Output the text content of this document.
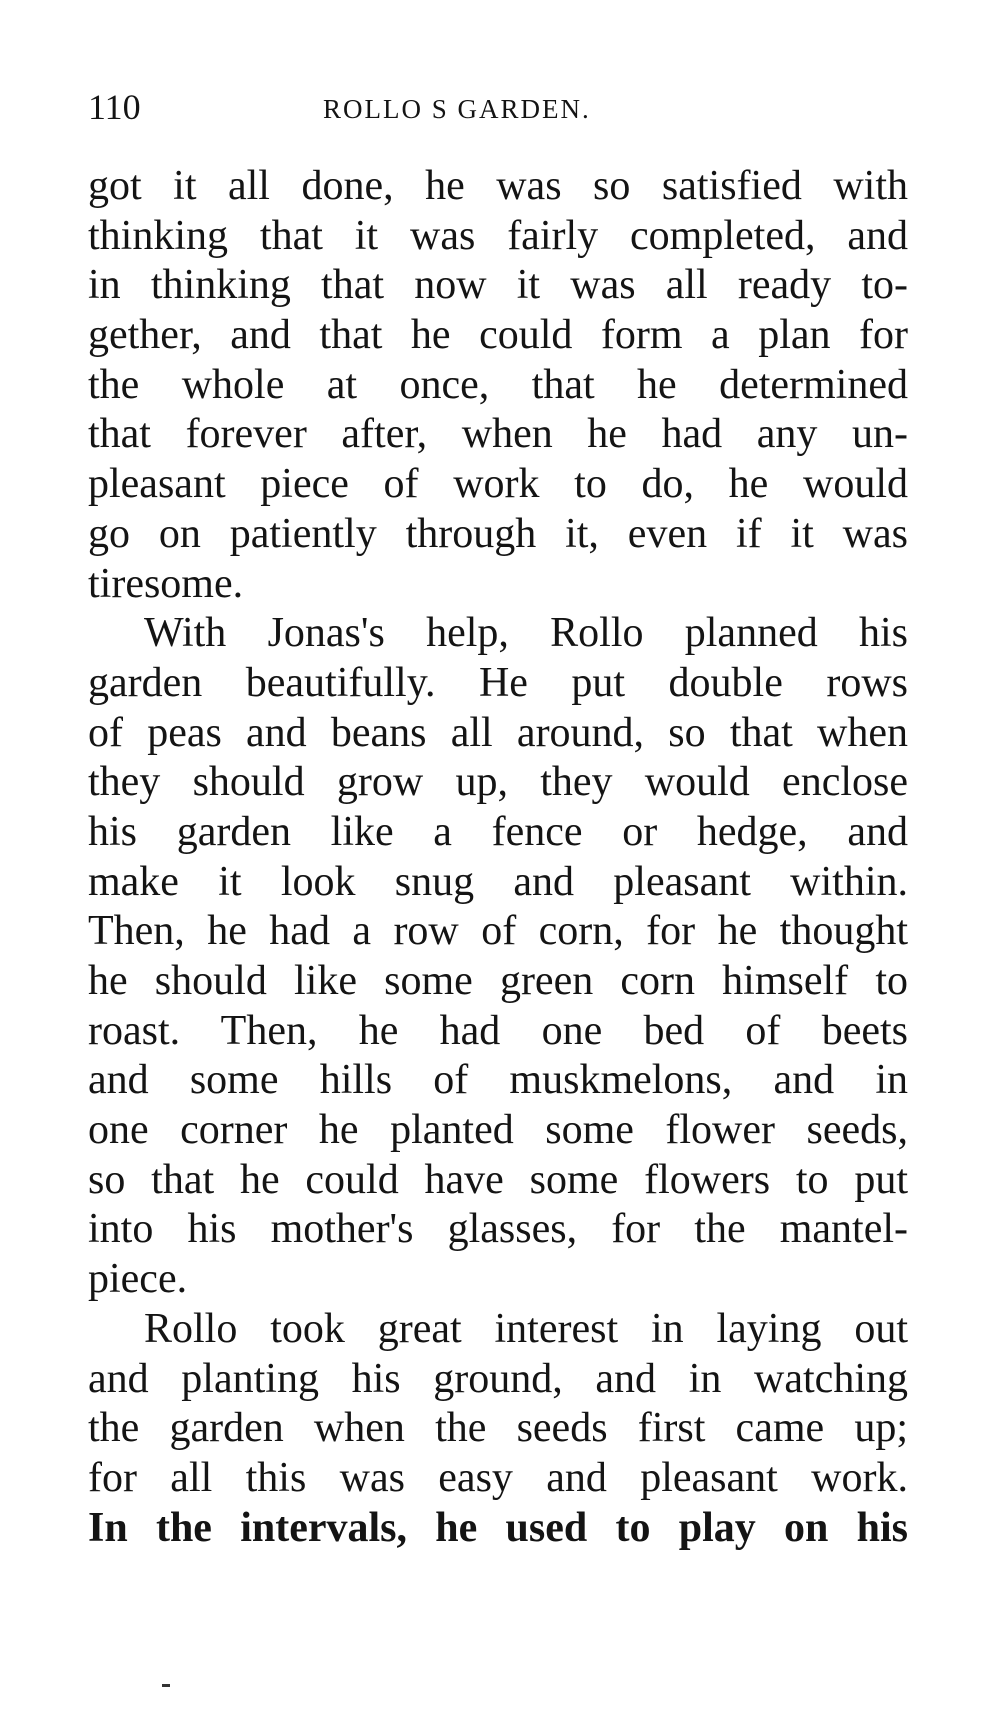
110	ROLLO S GARDEN.
got it all done, he was so satisfied with
thinking that it was fairly completed, and
in thinking that now it was all ready to-
gether, and that he could form a plan for
the whole at once, that he determined
that forever after, when he had any un-
pleasant piece of work to do, he would
go on patiently through it, even if it was
tiresome.
With Jonas's help, Rollo planned his
garden beautifully. He put double rows
of peas and beans all around, so that when
they should grow up, they would enclose
his garden like a fence or hedge, and
make it look snug and pleasant within.
Then, he had a row of corn, for he thought
he should like some green corn himself to
roast. Then, he had one bed of beets
and some hills of muskmelons, and in
one corner he planted some flower seeds,
so that he could have some flowers to put
into his mother's glasses, for the mantel-
piece.
Rollo took great interest in laying out
and planting his ground, and in watching
the garden when the seeds first came up;
for all this was easy and pleasant work.
In the intervals, he used to play on his
